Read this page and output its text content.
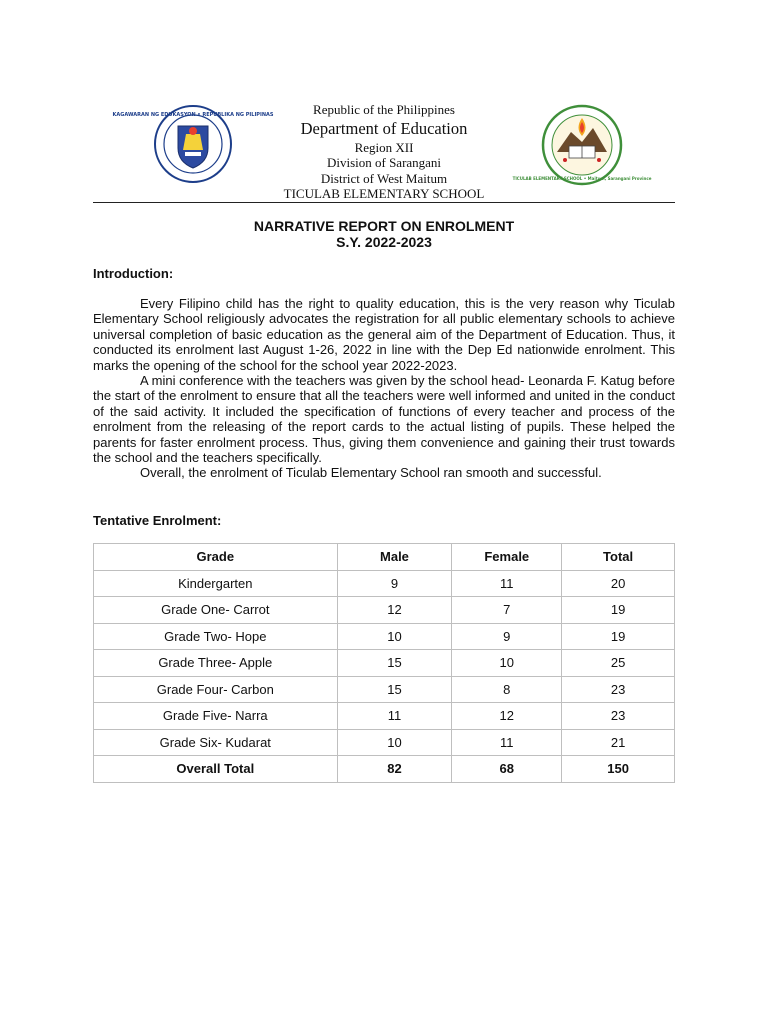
KAGAWARAN NG EDUKASYON • REPUBLIKA NG PILIPINAS	Republic of the Philippines
Department of Education
Region XII
Division of Sarangani
District of West Maitum
TICULAB ELEMENTARY SCHOOL
TICULAB ELEMENTARY SCHOOL • Maitum, Sarangani Province
NARRATIVE REPORT ON ENROLMENT
S.Y. 2022-2023
Introduction:

Every Filipino child has the right to quality education, this is the very reason why Ticulab Elementary School religiously advocates the registration for all public elementary schools to achieve universal completion of basic education as the general aim of the Department of Education. Thus, it conducted its enrolment last August 1-26, 2022 in line with the Dep Ed nationwide enrolment. This marks the opening of the school for the school year 2022-2023.

A mini conference with the teachers was given by the school head- Leonarda F. Katug before the start of the enrolment to ensure that all the teachers were well informed and united in the conduct of the said activity. It included the specification of functions of every teacher and process of the enrolment from the releasing of the report cards to the actual listing of pupils. These helped the parents for faster enrolment process. Thus, giving them convenience and gaining their trust towards the school and the teachers specifically.

Overall, the enrolment of Ticulab Elementary School ran smooth and successful.

Tentative Enrolment:
Grade	Male	Female	Total
Kindergarten	9	11	20
Grade One- Carrot	12	7	19
Grade Two- Hope	10	9	19
Grade Three- Apple	15	10	25
Grade Four- Carbon	15	8	23
Grade Five- Narra	11	12	23
Grade Six- Kudarat	10	11	21
Overall Total	82	68	150
